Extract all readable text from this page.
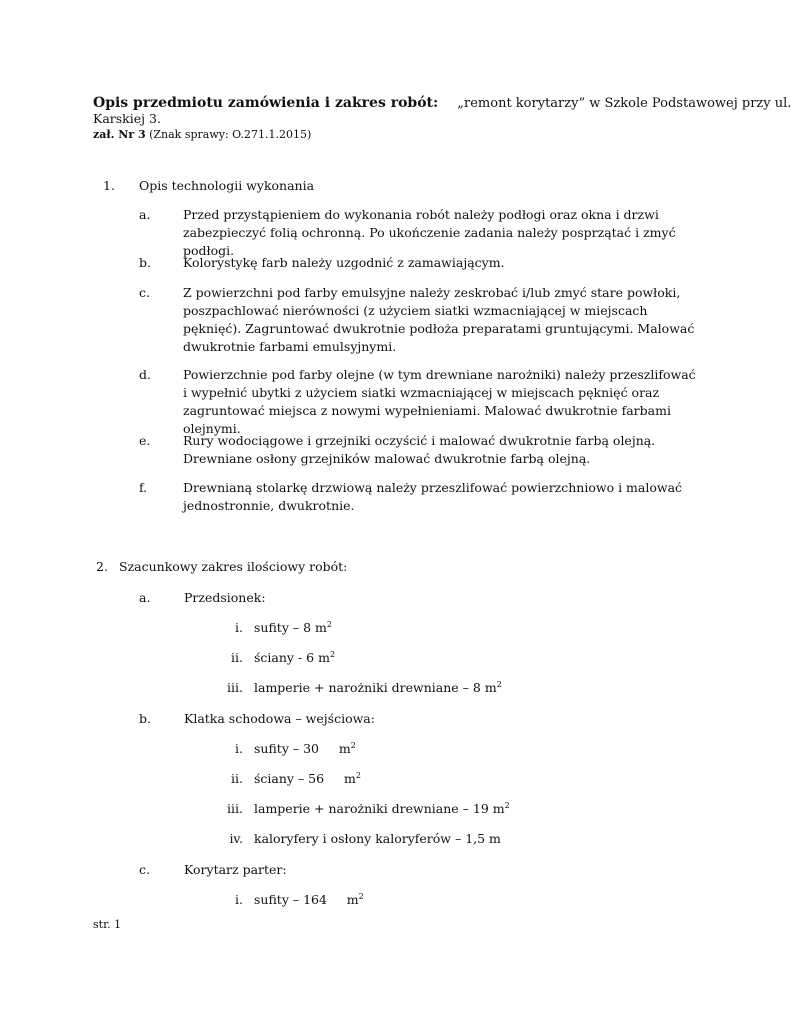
Opis przedmiotu zamówienia i zakres robót: „remont korytarzy” w Szkole Podstawowej przy ul.
Karskiej 3.
zał. Nr 3 (Znak sprawy: O.271.1.2015)
1. Opis technologii wykonania
a.	Przed przystąpieniem do wykonania robót należy podłogi oraz okna i drzwi zabezpieczyć folią ochronną. Po ukończenie zadania należy posprzątać i zmyć podłogi.
b.	Kolorystykę farb należy uzgodnić z zamawiającym.
c.	Z powierzchni pod farby emulsyjne należy zeskrobać i/lub zmyć stare powłoki, poszpachlować nierówności (z użyciem siatki wzmacniającej w miejscach pęknięć). Zagruntować dwukrotnie podłoża preparatami gruntującymi. Malować dwukrotnie farbami emulsyjnymi.
d.	Powierzchnie pod farby olejne (w tym drewniane narożniki) należy przeszlifować i wypełnić ubytki z użyciem siatki wzmacniającej w miejscach pęknięć oraz zagruntować miejsca z nowymi wypełnieniami. Malować dwukrotnie farbami olejnymi.
e.	Rury wodociągowe i grzejniki oczyścić i malować dwukrotnie farbą olejną. Drewniane osłony grzejników malować dwukrotnie farbą olejną.
f.	Drewnianą stolarkę drzwiową należy przeszlifować powierzchniowo i malować jednostronnie, dwukrotnie.
2. Szacunkowy zakres ilościowy robót:
a.	Przedsionek:
i. sufity – 8 $m^2$
ii. ściany - 6 $m^2$
iii. lamperie + narożniki drewniane – 8 $m^2$
b.	Klatka schodowa – wejściowa:
i. sufity – 30     $m^2$
ii. ściany – 56     $m^2$
iii. lamperie + narożniki drewniane – 19 $m^2$
iv. kaloryfery i osłony kaloryferów – 1,5 m
c.	Korytarz parter:
i. sufity – 164     $m^2$
str. 1
